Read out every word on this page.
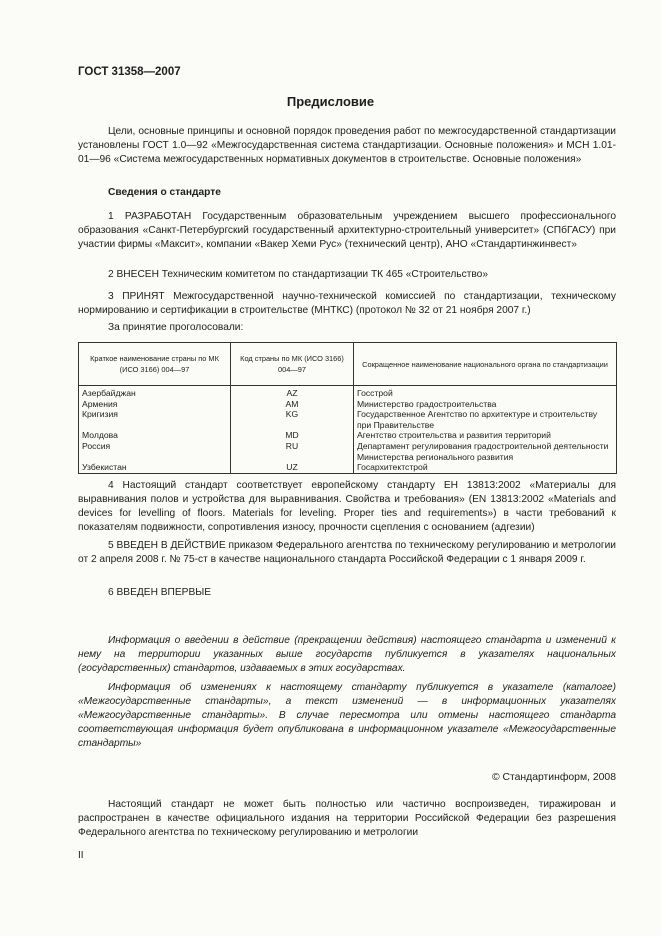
ГОСТ 31358—2007
Предисловие
Цели, основные принципы и основной порядок проведения работ по межгосударственной стандартизации установлены ГОСТ 1.0—92 «Межгосударственная система стандартизации. Основные положения» и МСН 1.01-01—96 «Система межгосударственных нормативных документов в строительстве. Основные положения»
Сведения о стандарте
1 РАЗРАБОТАН Государственным образовательным учреждением высшего профессионального образования «Санкт-Петербургский государственный архитектурно-строительный университет» (СПбГАСУ) при участии фирмы «Максит», компании «Вакер Хеми Рус» (технический центр), АНО «Стандартинжинвест»
2 ВНЕСЕН Техническим комитетом по стандартизации ТК 465 «Строительство»
3 ПРИНЯТ Межгосударственной научно-технической комиссией по стандартизации, техническому нормированию и сертификации в строительстве (МНТКС) (протокол № 32 от 21 ноября 2007 г.)
За принятие проголосовали:
Краткое наименование страны по МК (ИСО 3166) 004—97	Код страны по МК (ИСО 3166) 004—97	Сокращенное наименование национального органа по стандартизации
Азербайджан	AZ	Госстрой
Армения	AM	Министерство градостроительства
Кригизия	KG	Государственное Агентство по архитектуре и строительству при Правительстве
Молдова	MD	Агентство строительства и развития территорий
Россия	RU	Департамент регулирования градостроительной деятельности Министерства регионального развития
Узбекистан	UZ	Госархитектстрой
4 Настоящий стандарт соответствует европейскому стандарту ЕН 13813:2002 «Материалы для выравнивания полов и устройства для выравнивания. Свойства и требования» (EN 13813:2002 «Materials and devices for levelling of floors. Materials for leveling. Proper ties and requirements») в части требований к показателям подвижности, сопротивления износу, прочности сцепления с основанием (адгезии)
5 ВВЕДЕН В ДЕЙСТВИЕ приказом Федерального агентства по техническому регулированию и метрологии от 2 апреля 2008 г. № 75-ст в качестве национального стандарта Российской Федерации с 1 января 2009 г.
6 ВВЕДЕН ВПЕРВЫЕ
Информация о введении в действие (прекращении действия) настоящего стандарта и изменений к нему на территории указанных выше государств публикуется в указателях национальных (государственных) стандартов, издаваемых в этих государствах.
Информация об изменениях к настоящему стандарту публикуется в указателе (каталоге) «Межгосударственные стандарты», а текст изменений — в информационных указателях «Межгосударственные стандарты». В случае пересмотра или отмены настоящего стандарта соответствующая информация будет опубликована в информационном указателе «Межгосударственные стандарты»
© Стандартинформ, 2008
Настоящий стандарт не может быть полностью или частично воспроизведен, тиражирован и распространен в качестве официального издания на территории Российской Федерации без разрешения Федерального агентства по техническому регулированию и метрологии
II
